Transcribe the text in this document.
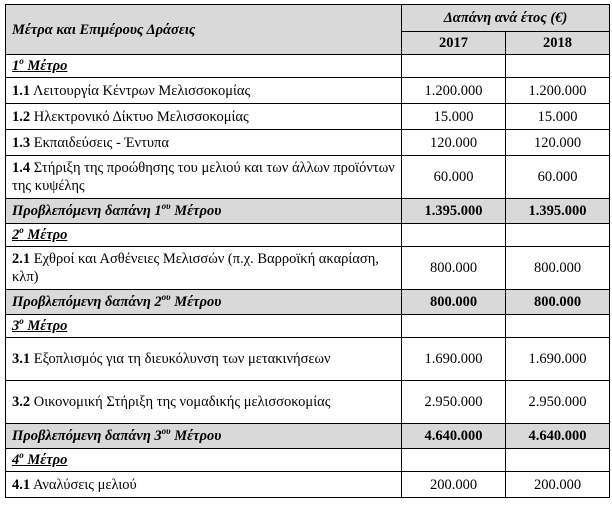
Μέτρα και Επιμέρους Δράσεις	Δαπάνη ανά έτος (€)	
	2017	2018
$1^o$ Μέτρο		
1.1 Λειτουργία Κέντρων Μελισσοκομίας	1.200.000	1.200.000
1.2 Ηλεκτρονικό Δίκτυο Μελισσοκομίας	15.000	15.000
1.3 Εκπαιδεύσεις - Έντυπα	120.000	120.000
1.4 Στήριξη της προώθησης του μελιού και των άλλων προϊόντων της κυψέλης	60.000	60.000
Προβλεπόμενη δαπάνη $1^{o\upsilon}$ Μέτρου	1.395.000	1.395.000
$2^o$ Μέτρο		
2.1 Εχθροί και Ασθένειες Μελισσών (π.χ. Βαρροϊκή ακαρίαση, κλπ)	800.000	800.000
Προβλεπόμενη δαπάνη $2^{o\upsilon}$ Μέτρου	800.000	800.000
$3^o$ Μέτρο		
3.1 Εξοπλισμός για τη διευκόλυνση των μετακινήσεων	1.690.000	1.690.000
3.2 Οικονομική Στήριξη της νομαδικής μελισσοκομίας	2.950.000	2.950.000
Προβλεπόμενη δαπάνη $3^{o\upsilon}$ Μέτρου	4.640.000	4.640.000
$4^o$ Μέτρο		
4.1 Αναλύσεις μελιού	200.000	200.000
